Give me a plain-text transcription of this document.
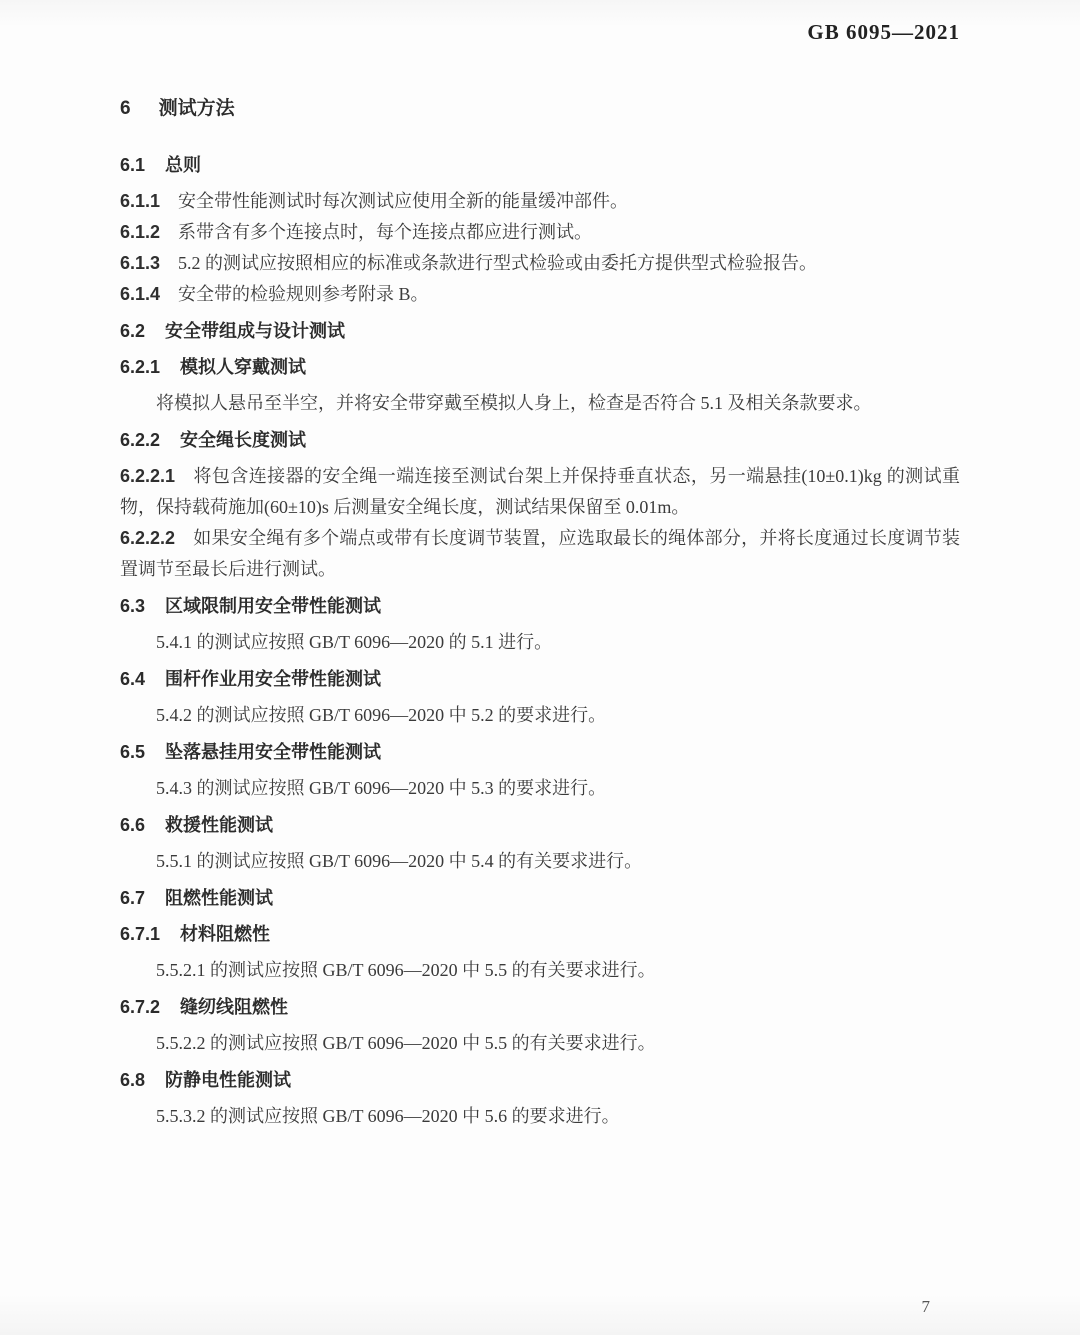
GB 6095—2021
6 测试方法
6.1 总则

6.1.1 安全带性能测试时每次测试应使用全新的能量缓冲部件。

6.1.2 系带含有多个连接点时，每个连接点都应进行测试。

6.1.3 5.2 的测试应按照相应的标准或条款进行型式检验或由委托方提供型式检验报告。

6.1.4 安全带的检验规则参考附录 B。

6.2 安全带组成与设计测试
6.2.1 模拟人穿戴测试

将模拟人悬吊至半空，并将安全带穿戴至模拟人身上，检查是否符合 5.1 及相关条款要求。

6.2.2 安全绳长度测试

6.2.2.1 将包含连接器的安全绳一端连接至测试台架上并保持垂直状态，另一端悬挂(10±0.1)kg 的测试重物，保持载荷施加(60±10)s 后测量安全绳长度，测试结果保留至 0.01m。

6.2.2.2 如果安全绳有多个端点或带有长度调节装置，应选取最长的绳体部分，并将长度通过长度调节装置调节至最长后进行测试。

6.3 区域限制用安全带性能测试

5.4.1 的测试应按照 GB/T 6096—2020 的 5.1 进行。

6.4 围杆作业用安全带性能测试

5.4.2 的测试应按照 GB/T 6096—2020 中 5.2 的要求进行。

6.5 坠落悬挂用安全带性能测试

5.4.3 的测试应按照 GB/T 6096—2020 中 5.3 的要求进行。

6.6 救援性能测试

5.5.1 的测试应按照 GB/T 6096—2020 中 5.4 的有关要求进行。

6.7 阻燃性能测试
6.7.1 材料阻燃性

5.5.2.1 的测试应按照 GB/T 6096—2020 中 5.5 的有关要求进行。

6.7.2 缝纫线阻燃性

5.5.2.2 的测试应按照 GB/T 6096—2020 中 5.5 的有关要求进行。

6.8 防静电性能测试

5.5.3.2 的测试应按照 GB/T 6096—2020 中 5.6 的要求进行。

7
